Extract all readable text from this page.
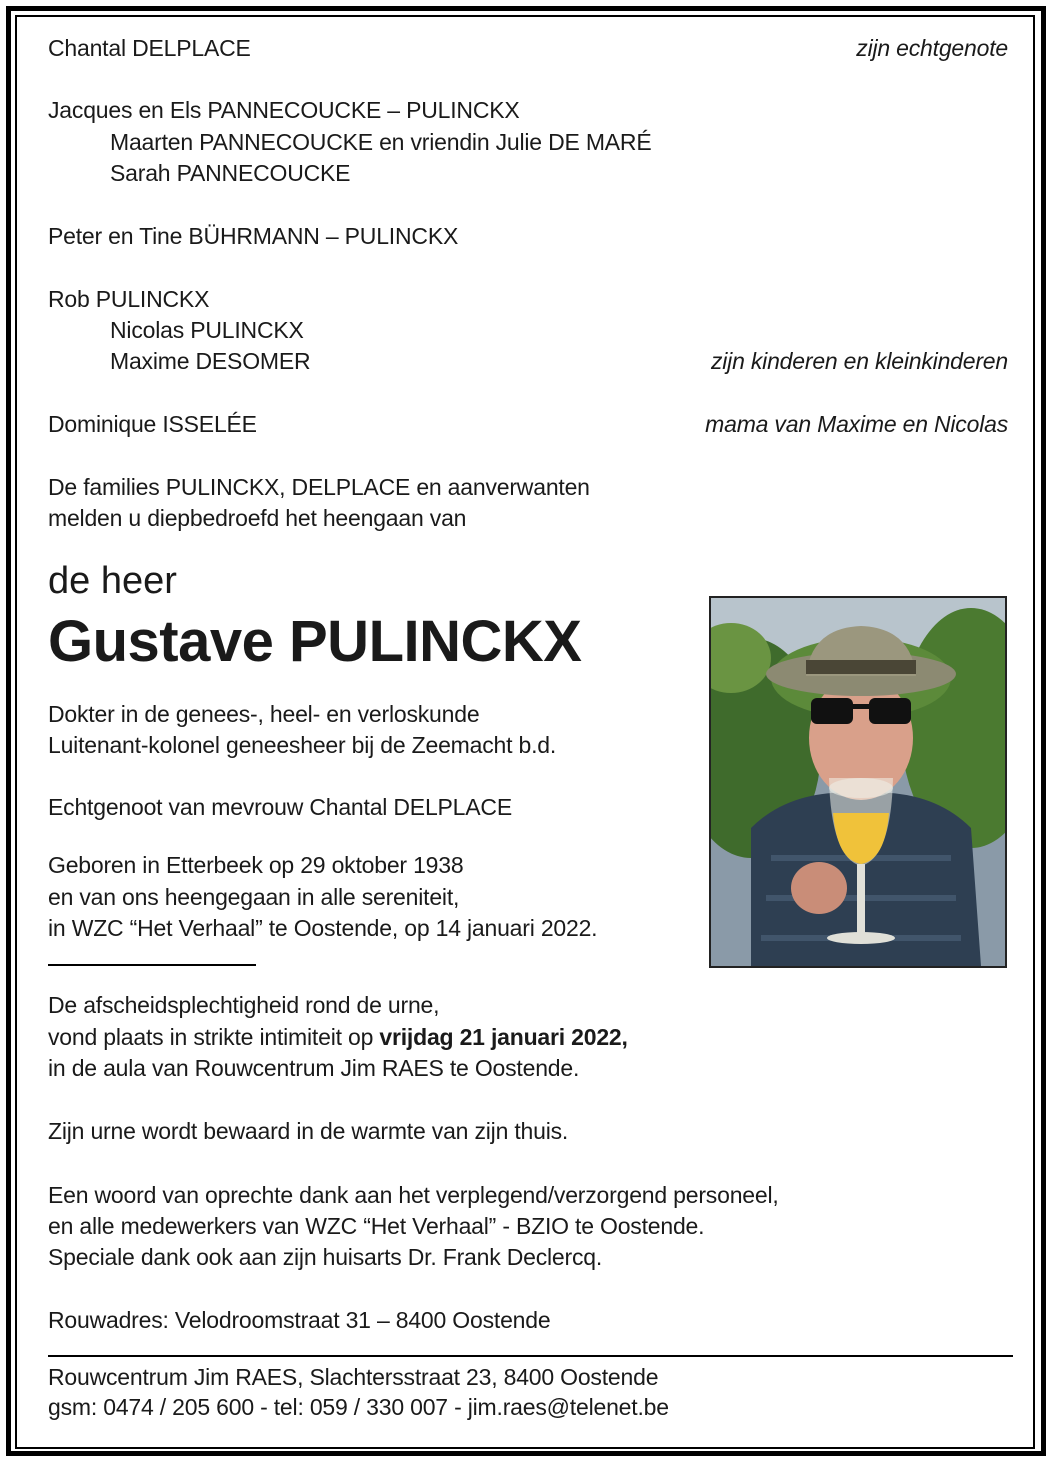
Chantal DELPLACE	zijn echtgenote
Jacques en Els PANNECOUCKE – PULINCKX
Maarten PANNECOUCKE en vriendin Julie DE MARÉ
Sarah PANNECOUCKE
Peter en Tine BÜHRMANN – PULINCKX
Rob PULINCKX
Nicolas PULINCKX
Maxime DESOMER	zijn kinderen en kleinkinderen
Dominique ISSELÉE	mama van Maxime en Nicolas
De families PULINCKX, DELPLACE en aanverwanten
melden u diepbedroefd het heengaan van
de heer
Gustave PULINCKX
Dokter in de genees-, heel- en verloskunde
Luitenant-kolonel geneesheer bij de Zeemacht b.d.
Echtgenoot van mevrouw Chantal DELPLACE
Geboren in Etterbeek op 29 oktober 1938
en van ons heengegaan in alle sereniteit,
in WZC “Het Verhaal” te Oostende, op 14 januari 2022.
De afscheidsplechtigheid rond de urne,
vond plaats in strikte intimiteit op vrijdag 21 januari 2022,
in de aula van Rouwcentrum Jim RAES te Oostende.
Zijn urne wordt bewaard in de warmte van zijn thuis.
Een woord van oprechte dank aan het verplegend/verzorgend personeel,
en alle medewerkers van WZC “Het Verhaal” - BZIO te Oostende.
Speciale dank ook aan zijn huisarts Dr. Frank Declercq.
Rouwadres: Velodroomstraat 31 – 8400 Oostende
Rouwcentrum Jim RAES, Slachtersstraat 23, 8400 Oostende
gsm: 0474 / 205 600 - tel: 059 / 330 007 - jim.raes@telenet.be
